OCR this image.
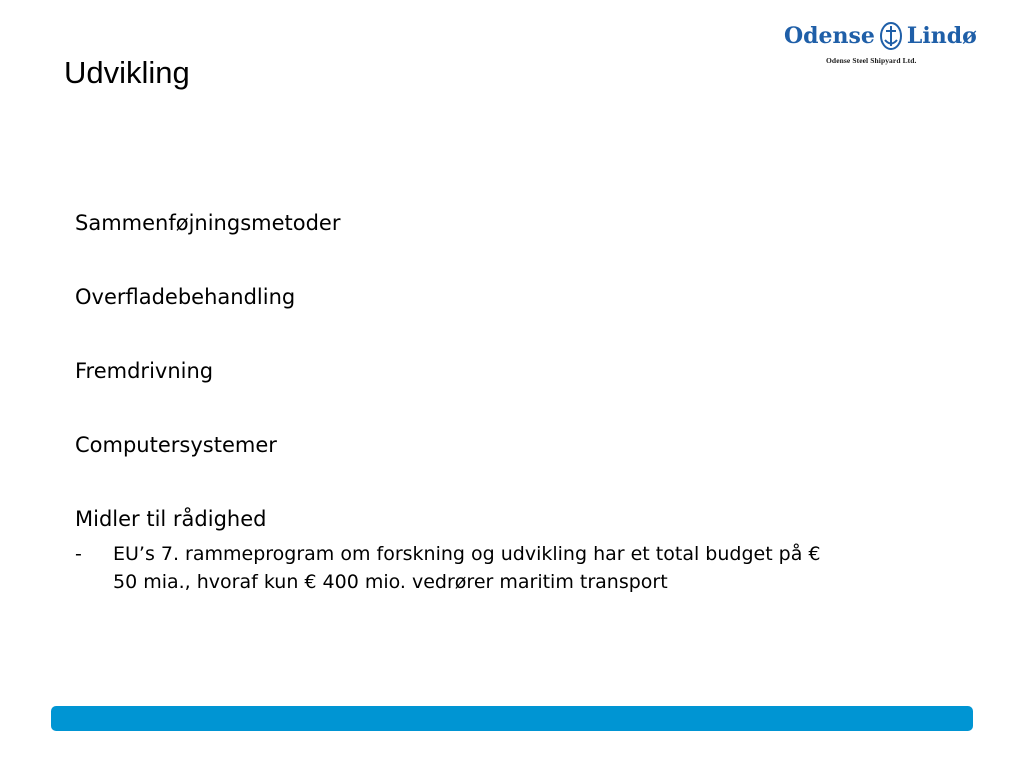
Udvikling
Odense Lindø
Odense Steel Shipyard Ltd.
Sammenføjningsmetoder
Overfladebehandling
Fremdrivning
Computersystemer
Midler til rådighed
-	EU’s 7. rammeprogram om forskning og udvikling har et total budget på € 50 mia., hvoraf kun € 400 mio. vedrører maritim transport
